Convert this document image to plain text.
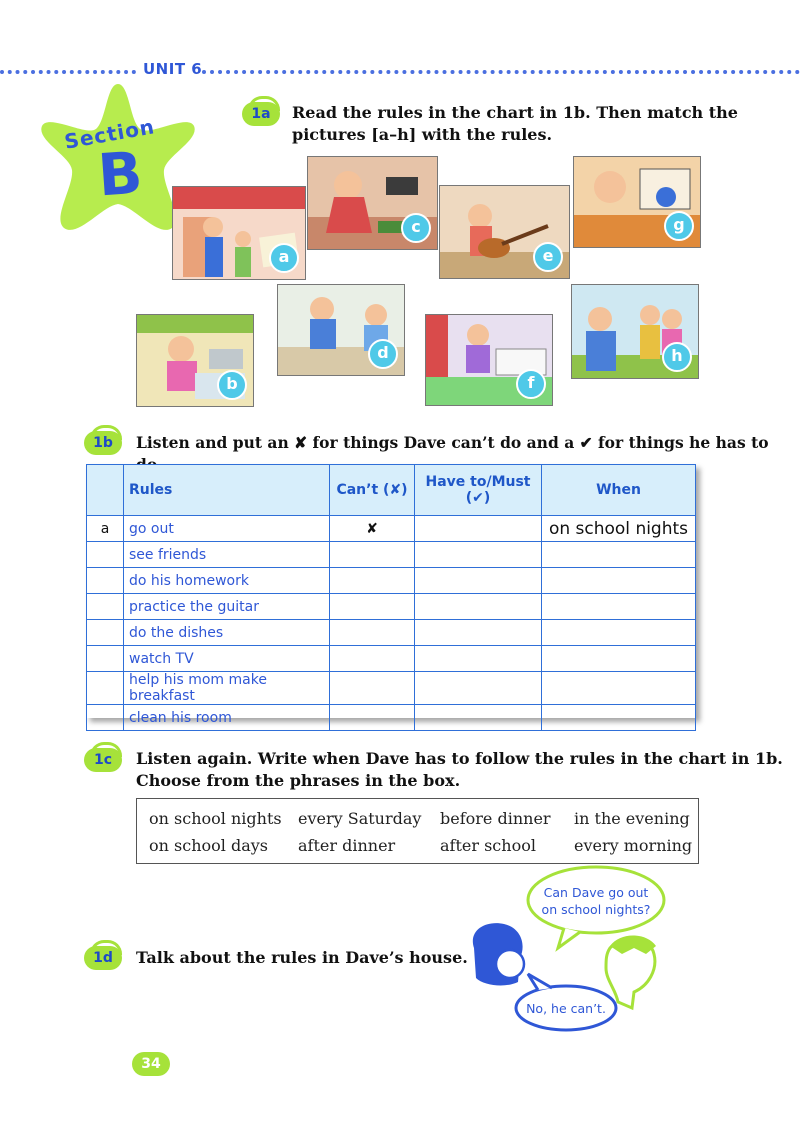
UNIT 6
Section
B
1a	Read the rules in the chart in 1b. Then match the
pictures [a–h] with the rules.
a
c
e
g
b
d
f
h
1b	Listen and put an ✘ for things Dave can’t do and a ✔ for things he has to
	Rules	Can’t (✘)	Have to/Must
(✔)	When
a	go out	✘		on school nights
	see friends			
	do his homework			
	practice the guitar			
	do the dishes			
	watch TV			
	help his mom make breakfast			
	clean his room			
1c	Listen again. Write when Dave has to follow the rules in the chart in 1b.
Choose from the phrases in the box.
on school nights every Saturday before dinner in the evening
on school days after dinner	after school every morning
1d	Talk about the rules in Dave’s house.
Can Dave go out
on school nights?
No, he can’t.
34
